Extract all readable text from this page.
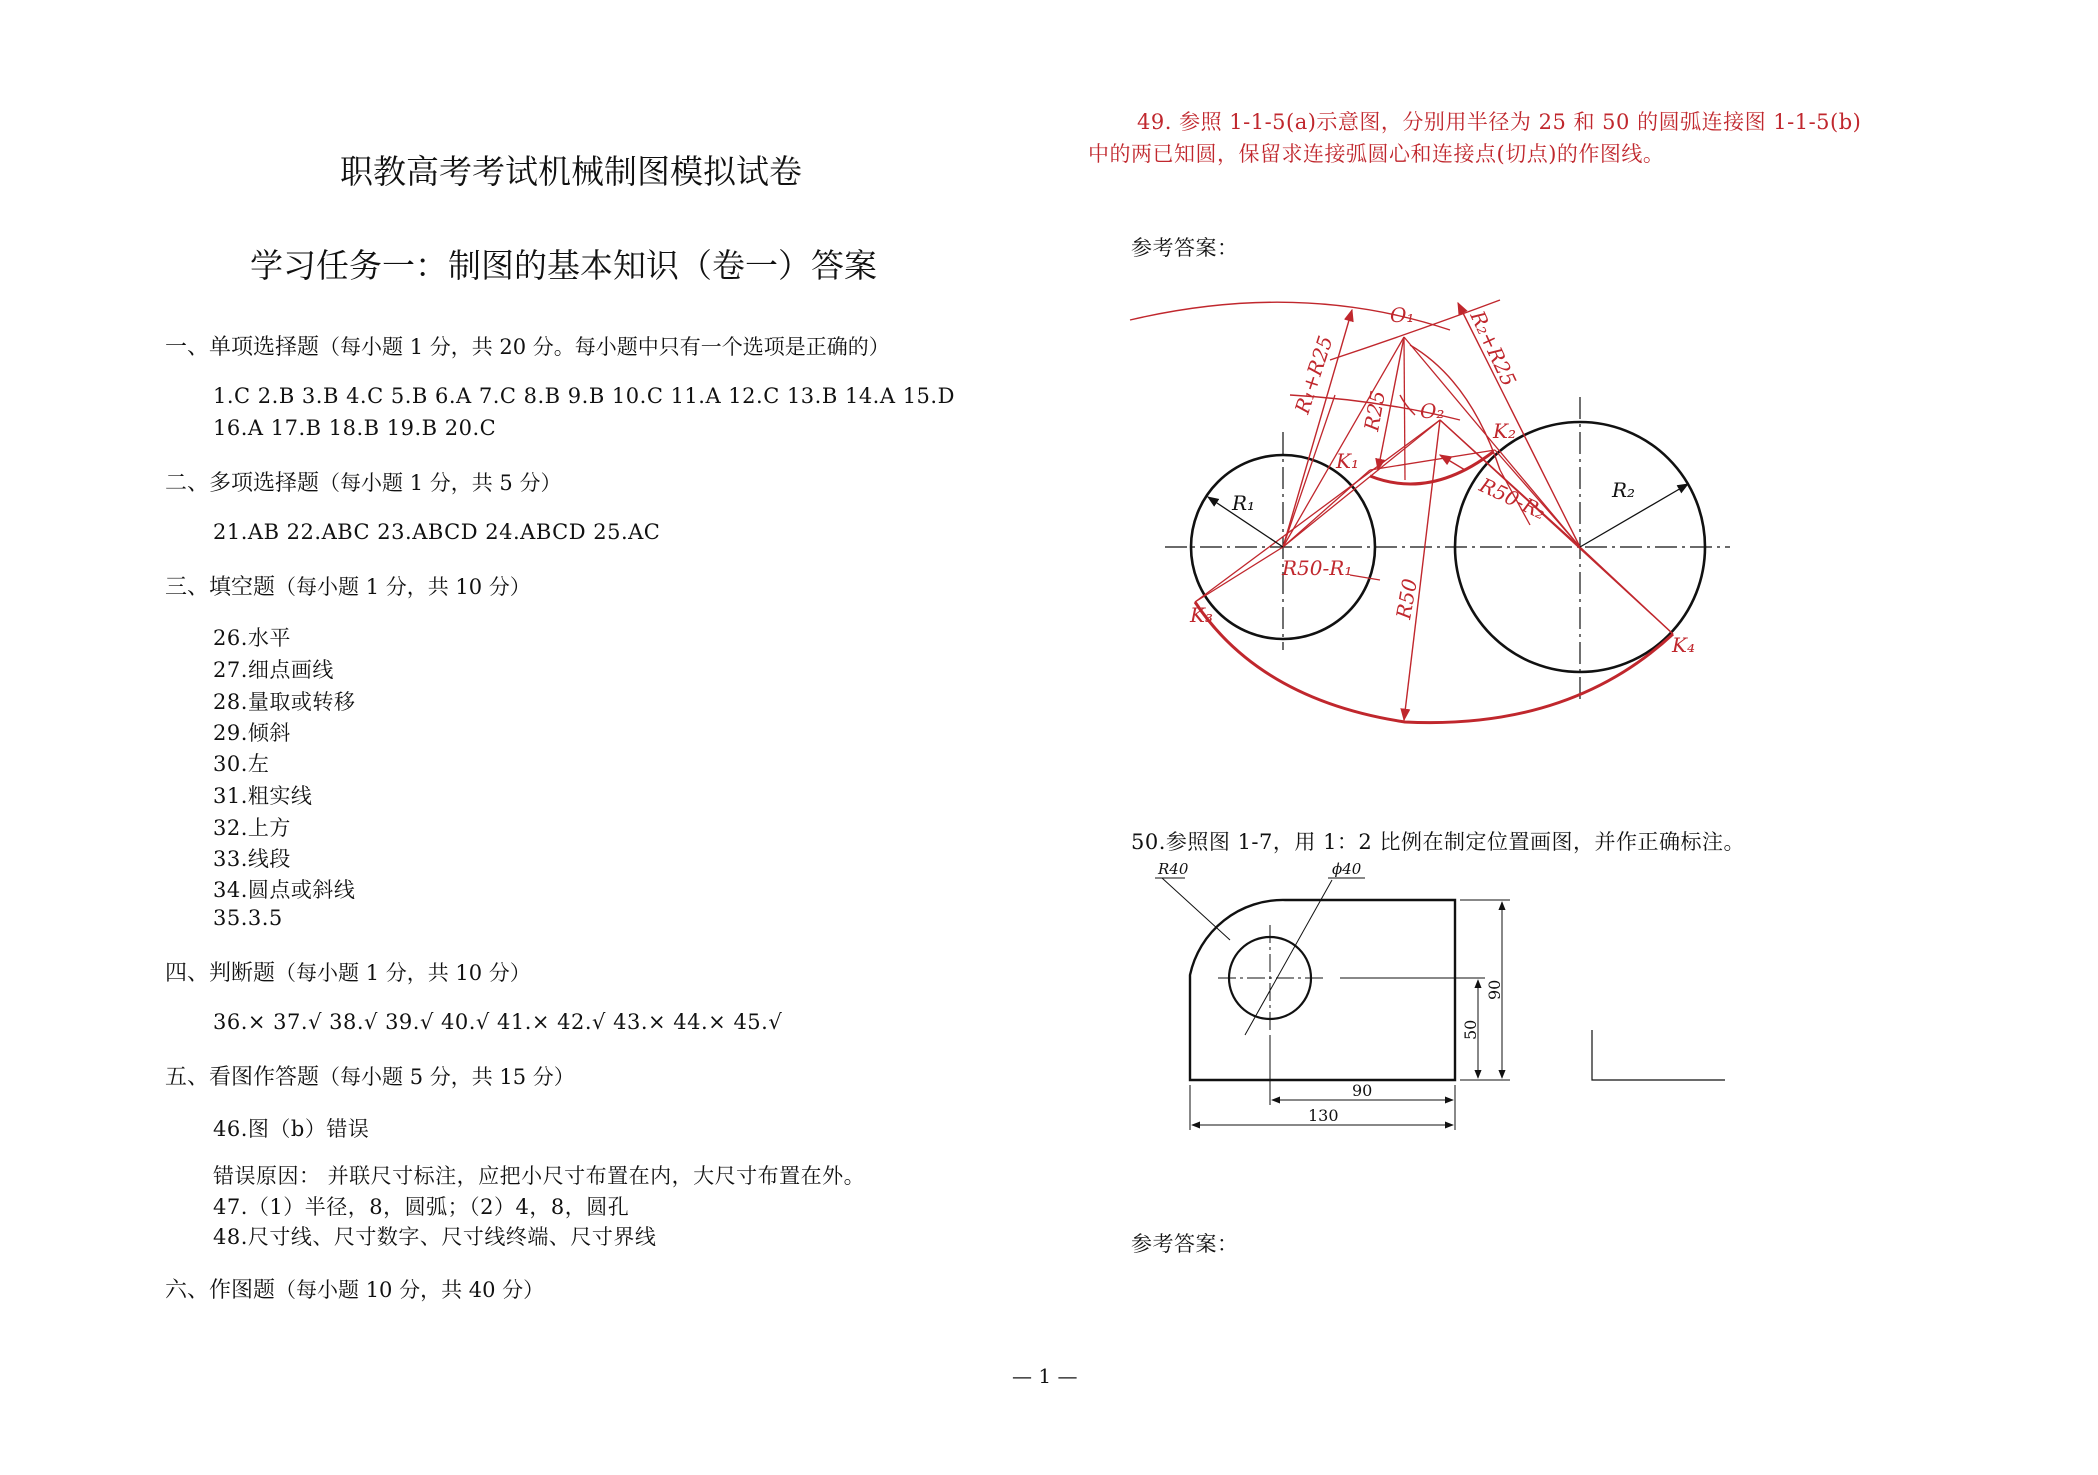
职教高考考试机械制图模拟试卷
学习任务一：制图的基本知识（卷一）答案
一、单项选择题（每小题 1 分，共 20 分。每小题中只有一个选项是正确的）
1.C 2.B 3.B 4.C 5.B 6.A 7.C 8.B 9.B 10.C 11.A 12.C 13.B 14.A 15.D
16.A 17.B 18.B 19.B 20.C
二、多项选择题（每小题 1 分，共 5 分）
21.AB 22.ABC 23.ABCD 24.ABCD 25.AC
三、填空题（每小题 1 分，共 10 分）
26.水平
27.细点画线
28.量取或转移
29.倾斜
30.左
31.粗实线
32.上方
33.线段
34.圆点或斜线
35.3.5
四、判断题（每小题 1 分，共 10 分）
36.× 37.√ 38.√ 39.√ 40.√ 41.× 42.√ 43.× 44.× 45.√
五、看图作答题（每小题 5 分，共 15 分）
46.图（b）错误
错误原因： 并联尺寸标注，应把小尺寸布置在内，大尺寸布置在外。
47.（1）半径，8，圆弧；（2）4，8，圆孔
48.尺寸线、尺寸数字、尺寸线终端、尺寸界线
六、作图题（每小题 10 分，共 40 分）
49. 参照 1-1-5(a)示意图，分别用半径为 25 和 50 的圆弧连接图 1-1-5(b)
中的两已知圆，保留求连接弧圆心和连接点(切点)的作图线。
参考答案：
O₁
O₂
R₁+R25	R₂+R25
R25
K₁
K₂
K₃
K₄
R50-R₁
R50-R₂
R50
R₁
R₂
50.参照图 1-7，用 1：2 比例在制定位置画图，并作正确标注。
R40	ϕ40
90
50
90
130
参考答案：
— 1 —
